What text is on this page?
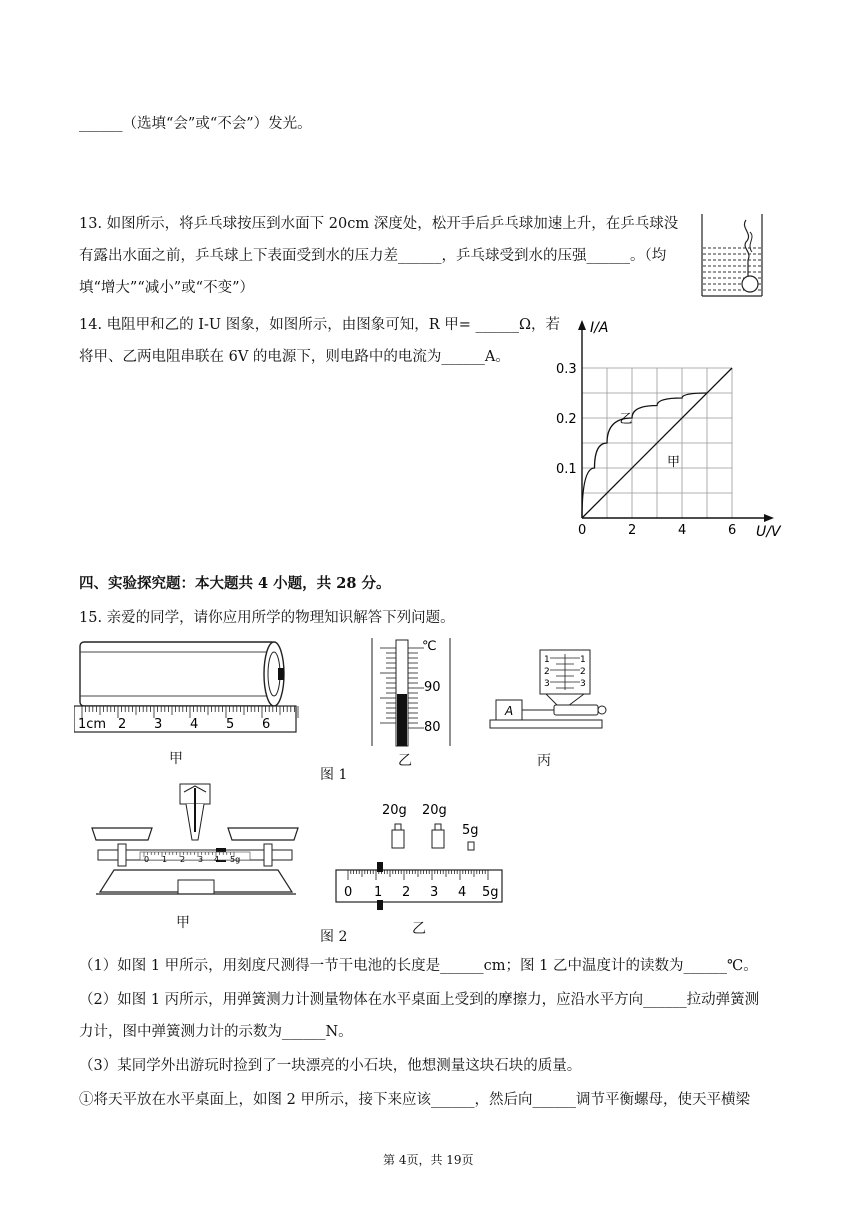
______（选填“会”或“不会”）发光。
13. 如图所示，将乒乓球按压到水面下 20cm 深度处，松开手后乒乓球加速上升，在乒乓球没
有露出水面之前，乒乓球上下表面受到水的压力差______，乒乓球受到水的压强______。（均
填“增大”“减小”或“不变”）
14. 电阻甲和乙的 I-U 图象，如图所示，由图象可知，R 甲= ______Ω，若
将甲、乙两电阻串联在 6V 的电源下，则电路中的电流为______A。
I/A
U/V
0	2	4	6
0.1
0.2
0.3
乙
甲
四、实验探究题：本大题共 4 小题，共 28 分。
15. 亲爱的同学，请你应用所学的物理知识解答下列问题。
1cm 2 3 4 5 6
℃
90
80
1
2
3
1
2
3
A
甲	乙	丙
图 1
0 1 2 3 4 5g
20g 20g
5g
0 1 2 3 4 5g
甲
图 2	乙
（1）如图 1 甲所示，用刻度尺测得一节干电池的长度是______cm；图 1 乙中温度计的读数为______℃。
（2）如图 1 丙所示，用弹簧测力计测量物体在水平桌面上受到的摩擦力，应沿水平方向______拉动弹簧测
力计，图中弹簧测力计的示数为______N。
（3）某同学外出游玩时捡到了一块漂亮的小石块，他想测量这块石块的质量。
①将天平放在水平桌面上，如图 2 甲所示，接下来应该______，然后向______调节平衡螺母，使天平横梁
第 4页，共 19页
